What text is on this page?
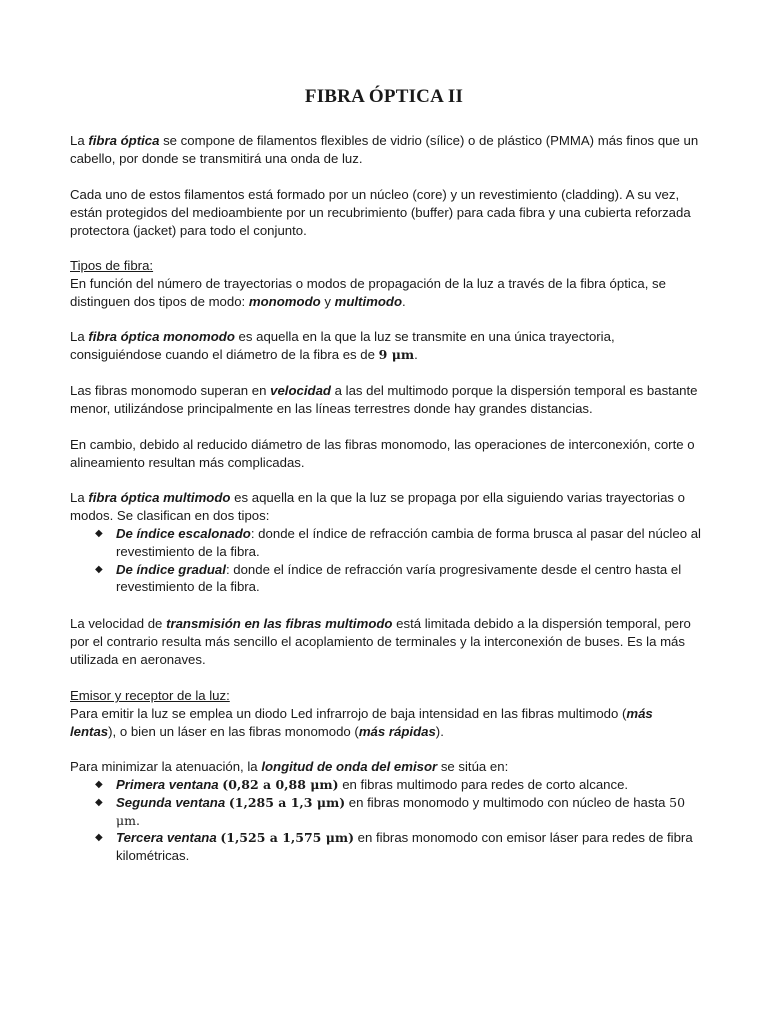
FIBRA ÓPTICA II

La fibra óptica se compone de filamentos flexibles de vidrio (sílice) o de plástico (PMMA) más finos que un cabello, por donde se transmitirá una onda de luz.

Cada uno de estos filamentos está formado por un núcleo (core) y un revestimiento (cladding). A su vez, están protegidos del medioambiente por un recubrimiento (buffer) para cada fibra y una cubierta reforzada protectora (jacket) para todo el conjunto.

Tipos de fibra:
En función del número de trayectorias o modos de propagación de la luz a través de la fibra óptica, se distinguen dos tipos de modo: monomodo y multimodo.

La fibra óptica monomodo es aquella en la que la luz se transmite en una única trayectoria, consiguiéndose cuando el diámetro de la fibra es de 9 μm.

Las fibras monomodo superan en velocidad a las del multimodo porque la dispersión temporal es bastante menor, utilizándose principalmente en las líneas terrestres donde hay grandes distancias.

En cambio, debido al reducido diámetro de las fibras monomodo, las operaciones de interconexión, corte o alineamiento resultan más complicadas.

La fibra óptica multimodo es aquella en la que la luz se propaga por ella siguiendo varias trayectorias o modos. Se clasifican en dos tipos:

◆ De índice escalonado: donde el índice de refracción cambia de forma brusca al pasar del núcleo al revestimiento de la fibra.
◆ De índice gradual: donde el índice de refracción varía progresivamente desde el centro hasta el revestimiento de la fibra.

La velocidad de transmisión en las fibras multimodo está limitada debido a la dispersión temporal, pero por el contrario resulta más sencillo el acoplamiento de terminales y la interconexión de buses. Es la más utilizada en aeronaves.

Emisor y receptor de la luz:
Para emitir la luz se emplea un diodo Led infrarrojo de baja intensidad en las fibras multimodo (más lentas), o bien un láser en las fibras monomodo (más rápidas).

Para minimizar la atenuación, la longitud de onda del emisor se sitúa en:

◆ Primera ventana (0,82 a 0,88 μm) en fibras multimodo para redes de corto alcance.
◆ Segunda ventana (1,285 a 1,3 μm) en fibras monomodo y multimodo con núcleo de hasta 50 μm.
◆ Tercera ventana (1,525 a 1,575 μm) en fibras monomodo con emisor láser para redes de fibra kilométricas.
